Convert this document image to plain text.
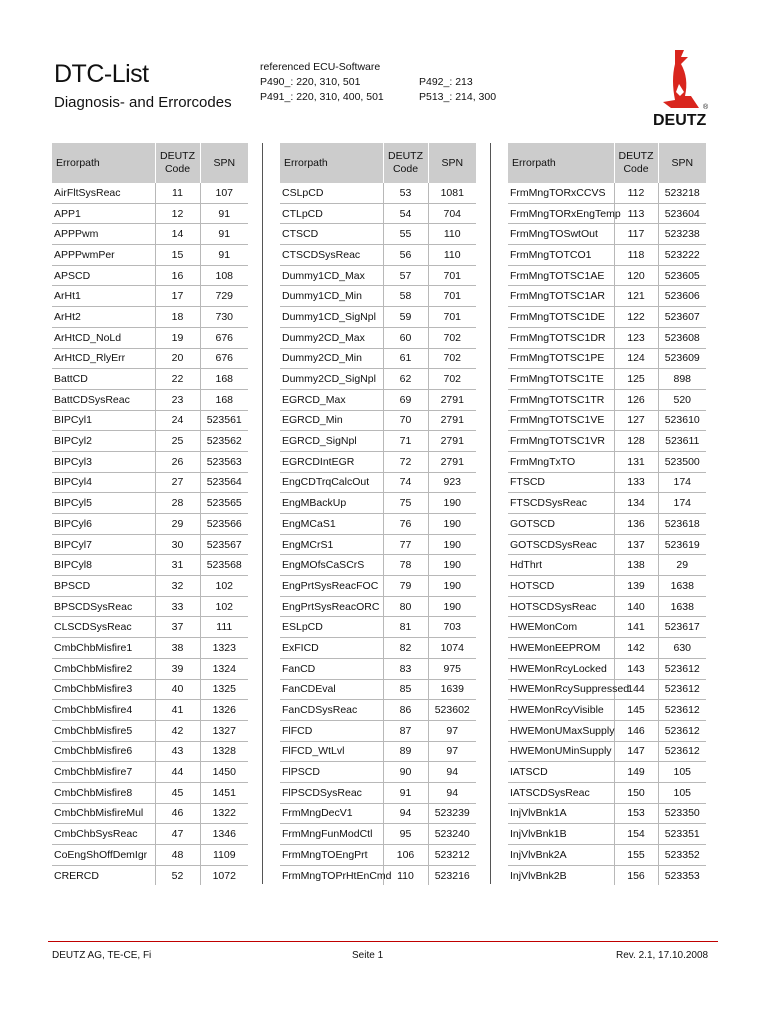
DTC-List
Diagnosis- and Errorcodes
referenced ECU-Software
P490_: 220, 310, 501
P491_: 220, 310, 400, 501
P492_: 213
P513_: 214, 300
DEUTZ
®
Errorpath	DEUTZ
Code	SPN
AirFltSysReac	11	107
APP1	12	91
APPPwm	14	91
APPPwmPer	15	91
APSCD	16	108
ArHt1	17	729
ArHt2	18	730
ArHtCD_NoLd	19	676
ArHtCD_RlyErr	20	676
BattCD	22	168
BattCDSysReac	23	168
BIPCyl1	24	523561
BIPCyl2	25	523562
BIPCyl3	26	523563
BIPCyl4	27	523564
BIPCyl5	28	523565
BIPCyl6	29	523566
BIPCyl7	30	523567
BIPCyl8	31	523568
BPSCD	32	102
BPSCDSysReac	33	102
CLSCDSysReac	37	111
CmbChbMisfire1	38	1323
CmbChbMisfire2	39	1324
CmbChbMisfire3	40	1325
CmbChbMisfire4	41	1326
CmbChbMisfire5	42	1327
CmbChbMisfire6	43	1328
CmbChbMisfire7	44	1450
CmbChbMisfire8	45	1451
CmbChbMisfireMul	46	1322
CmbChbSysReac	47	1346
CoEngShOffDemIgr	48	1109
CRERCD	52	1072
Errorpath	DEUTZ
Code	SPN
CSLpCD	53	1081
CTLpCD	54	704
CTSCD	55	110
CTSCDSysReac	56	110
Dummy1CD_Max	57	701
Dummy1CD_Min	58	701
Dummy1CD_SigNpl	59	701
Dummy2CD_Max	60	702
Dummy2CD_Min	61	702
Dummy2CD_SigNpl	62	702
EGRCD_Max	69	2791
EGRCD_Min	70	2791
EGRCD_SigNpl	71	2791
EGRCDIntEGR	72	2791
EngCDTrqCalcOut	74	923
EngMBackUp	75	190
EngMCaS1	76	190
EngMCrS1	77	190
EngMOfsCaSCrS	78	190
EngPrtSysReacFOC	79	190
EngPrtSysReacORC	80	190
ESLpCD	81	703
ExFICD	82	1074
FanCD	83	975
FanCDEval	85	1639
FanCDSysReac	86	523602
FlFCD	87	97
FlFCD_WtLvl	89	97
FlPSCD	90	94
FlPSCDSysReac	91	94
FrmMngDecV1	94	523239
FrmMngFunModCtl	95	523240
FrmMngTOEngPrt	106	523212
FrmMngTOPrHtEnCmd	110	523216
Errorpath	DEUTZ
Code	SPN
FrmMngTORxCCVS	112	523218
FrmMngTORxEngTemp	113	523604
FrmMngTOSwtOut	117	523238
FrmMngTOTCO1	118	523222
FrmMngTOTSC1AE	120	523605
FrmMngTOTSC1AR	121	523606
FrmMngTOTSC1DE	122	523607
FrmMngTOTSC1DR	123	523608
FrmMngTOTSC1PE	124	523609
FrmMngTOTSC1TE	125	898
FrmMngTOTSC1TR	126	520
FrmMngTOTSC1VE	127	523610
FrmMngTOTSC1VR	128	523611
FrmMngTxTO	131	523500
FTSCD	133	174
FTSCDSysReac	134	174
GOTSCD	136	523618
GOTSCDSysReac	137	523619
HdThrt	138	29
HOTSCD	139	1638
HOTSCDSysReac	140	1638
HWEMonCom	141	523617
HWEMonEEPROM	142	630
HWEMonRcyLocked	143	523612
HWEMonRcySuppressed	144	523612
HWEMonRcyVisible	145	523612
HWEMonUMaxSupply	146	523612
HWEMonUMinSupply	147	523612
IATSCD	149	105
IATSCDSysReac	150	105
InjVlvBnk1A	153	523350
InjVlvBnk1B	154	523351
InjVlvBnk2A	155	523352
InjVlvBnk2B	156	523353
DEUTZ AG, TE-CE, Fi	Seite 1	Rev. 2.1, 17.10.2008
